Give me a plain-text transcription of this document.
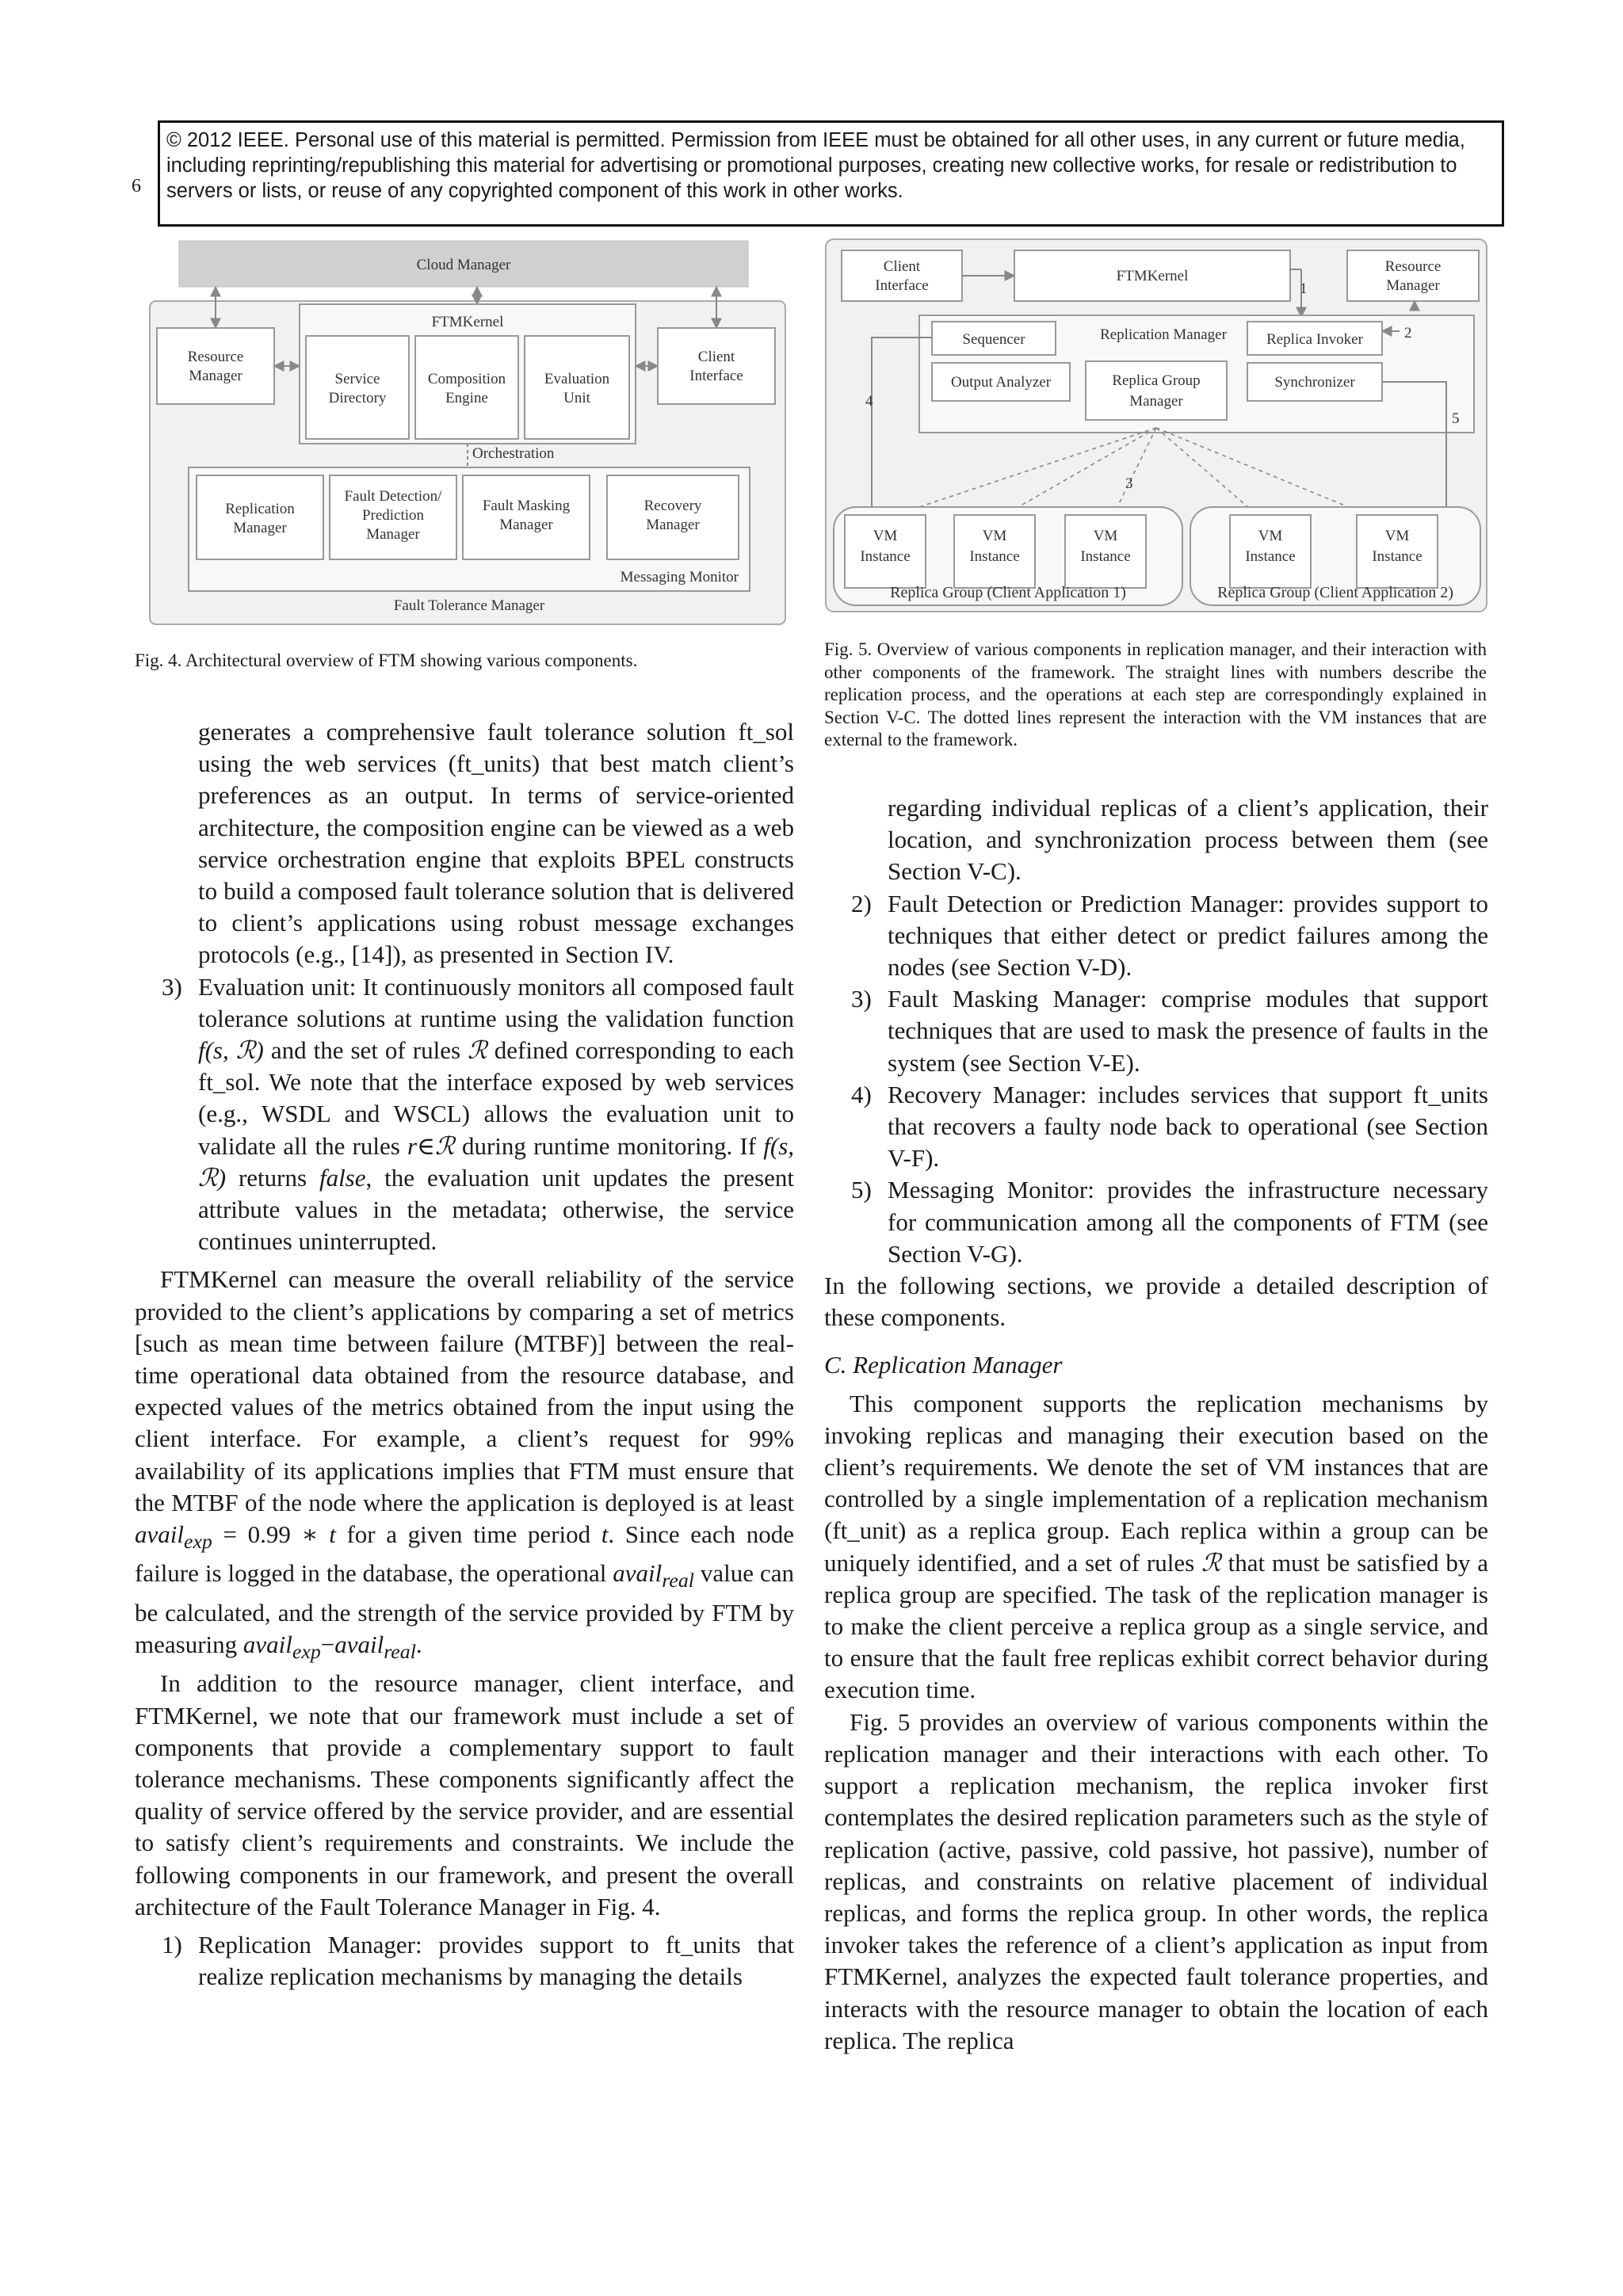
6
© 2012 IEEE. Personal use of this material is permitted. Permission from IEEE must be obtained for all other uses, in any current or future media, including reprinting/republishing this material for advertising or promotional purposes, creating new collective works, for resale or redistribution to servers or lists, or reuse of any copyrighted component of this work in other works.
Cloud Manager
FTMKernel
Resource
Manager	Service
Directory
Composition
Engine
Evaluation
Unit
Client
Interface
Orchestration
Replication
Manager
Fault Detection/
Prediction
Manager
Fault Masking
Manager
Recovery
Manager
Messaging Monitor
Fault Tolerance Manager
Fig. 4. Architectural overview of FTM showing various components.
Client
Interface
FTMKernel
Resource
Manager
1
Sequencer	Replication Manager	Replica Invoker
Output Analyzer	Replica Group
Manager
Synchronizer
2
4
5
3
VM
Instance
VM
Instance
VM
Instance
Replica Group (Client Application 1)
VM
Instance
VM
Instance
Replica Group (Client Application 2)
Fig. 5. Overview of various components in replication manager, and their interaction with other components of the framework. The straight lines with numbers describe the replication process, and the operations at each step are correspondingly explained in Section V-C. The dotted lines represent the interaction with the VM instances that are external to the framework.

generates a comprehensive fault tolerance solution ft_sol using the web services (ft_units) that best match client’s preferences as an output. In terms of service-oriented architecture, the composition engine can be viewed as a web service orchestration engine that exploits BPEL constructs to build a composed fault tolerance solution that is delivered to client’s applications using robust message exchanges protocols (e.g., [14]), as presented in Section IV.

3) Evaluation unit: It continuously monitors all composed fault tolerance solutions at runtime using the validation function f(s, ℛ) and the set of rules ℛ defined corresponding to each ft_sol. We note that the interface exposed by web services (e.g., WSDL and WSCL) allows the evaluation unit to validate all the rules r∈ℛ during runtime monitoring. If f(s, ℛ) returns false, the evaluation unit updates the present attribute values in the metadata; otherwise, the service continues uninterrupted.

FTMKernel can measure the overall reliability of the service provided to the client’s applications by comparing a set of metrics [such as mean time between failure (MTBF)] between the real-time operational data obtained from the resource database, and expected values of the metrics obtained from the input using the client interface. For example, a client’s request for 99% availability of its applications implies that FTM must ensure that the MTBF of the node where the application is deployed is at least avail$_{exp}$ = 0.99 ∗ t for a given time period t. Since each node failure is logged in the database, the operational avail$_{real}$ value can be calculated, and the strength of the service provided by FTM by measuring avail$_{exp}$−avail$_{real}$.

In addition to the resource manager, client interface, and FTMKernel, we note that our framework must include a set of components that provide a complementary support to fault tolerance mechanisms. These components significantly affect the quality of service offered by the service provider, and are essential to satisfy client’s requirements and constraints. We include the following components in our framework, and present the overall architecture of the Fault Tolerance Manager in Fig. 4.

1) Replication Manager: provides support to ft_units that realize replication mechanisms by managing the details

regarding individual replicas of a client’s application, their location, and synchronization process between them (see Section V-C).

2) Fault Detection or Prediction Manager: provides support to techniques that either detect or predict failures among the nodes (see Section V-D).
3) Fault Masking Manager: comprise modules that support techniques that are used to mask the presence of faults in the system (see Section V-E).
4) Recovery Manager: includes services that support ft_units that recovers a faulty node back to operational (see Section V-F).
5) Messaging Monitor: provides the infrastructure necessary for communication among all the components of FTM (see Section V-G).

In the following sections, we provide a detailed description of these components.

C. Replication Manager

This component supports the replication mechanisms by invoking replicas and managing their execution based on the client’s requirements. We denote the set of VM instances that are controlled by a single implementation of a replication mechanism (ft_unit) as a replica group. Each replica within a group can be uniquely identified, and a set of rules ℛ that must be satisfied by a replica group are specified. The task of the replication manager is to make the client perceive a replica group as a single service, and to ensure that the fault free replicas exhibit correct behavior during execution time.

Fig. 5 provides an overview of various components within the replication manager and their interactions with each other. To support a replication mechanism, the replica invoker first contemplates the desired replication parameters such as the style of replication (active, passive, cold passive, hot passive), number of replicas, and constraints on relative placement of individual replicas, and forms the replica group. In other words, the replica invoker takes the reference of a client’s application as input from FTMKernel, analyzes the expected fault tolerance properties, and interacts with the resource manager to obtain the location of each replica. The replica
